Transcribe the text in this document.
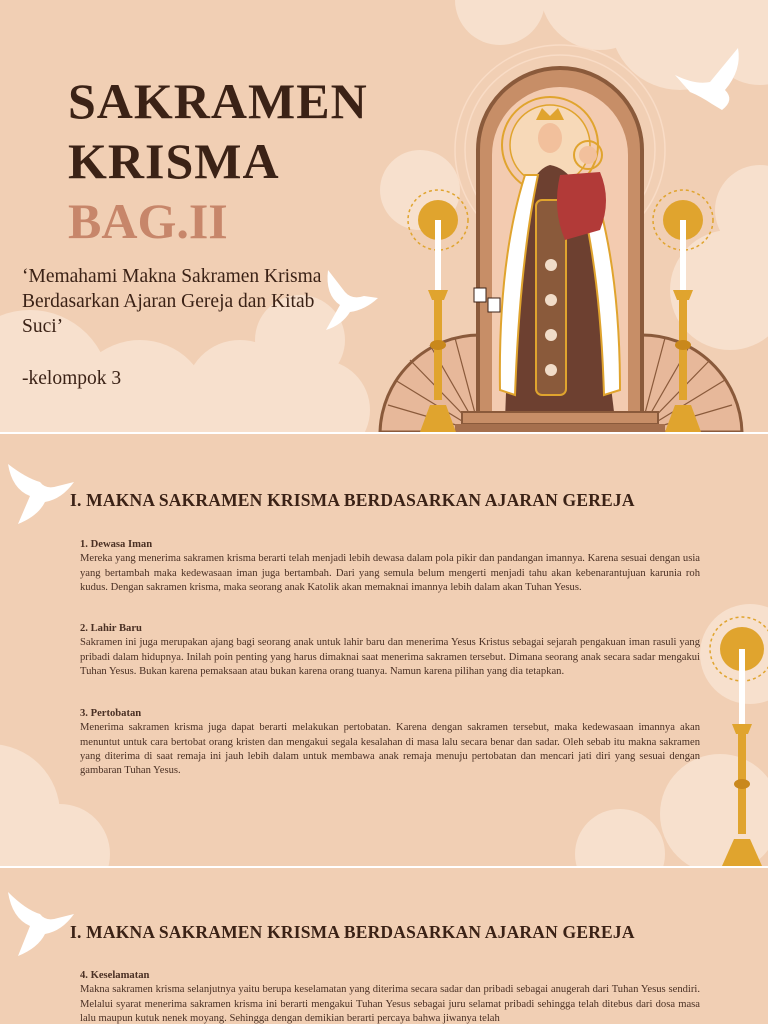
SAKRAMEN
KRISMA
BAG.II
‘Memahami Makna Sakramen Krisma Berdasarkan Ajaran Gereja dan Kitab Suci’
-kelompok 3
I. MAKNA SAKRAMEN KRISMA BERDASARKAN AJARAN GEREJA
1. Dewasa Iman
Mereka yang menerima sakramen krisma berarti telah menjadi lebih dewasa dalam pola pikir dan pandangan imannya. Karena sesuai dengan usia yang bertambah maka kedewasaan iman juga bertambah. Dari yang semula belum mengerti menjadi tahu akan kebenarantujuan karunia roh kudus. Dengan sakramen krisma, maka seorang anak Katolik akan memaknai imannya lebih dalam akan Tuhan Yesus.
2. Lahir Baru
Sakramen ini juga merupakan ajang bagi seorang anak untuk lahir baru dan menerima Yesus Kristus sebagai sejarah pengakuan iman rasuli yang pribadi dalam hidupnya. Inilah poin penting yang harus dimaknai saat menerima sakramen tersebut. Dimana seorang anak secara sadar mengakui Tuhan Yesus. Bukan karena pemaksaan atau bukan karena orang tuanya. Namun karena pilihan yang dia tetapkan.
3. Pertobatan
Menerima sakramen krisma juga dapat berarti melakukan pertobatan. Karena dengan sakramen tersebut, maka kedewasaan imannya akan menuntut untuk cara bertobat orang kristen dan mengakui segala kesalahan di masa lalu secara benar dan sadar. Oleh sebab itu makna sakramen yang diterima di saat remaja ini jauh lebih dalam untuk membawa anak remaja menuju pertobatan dan mencari jati diri yang sesuai dengan gambaran Tuhan Yesus.
I. MAKNA SAKRAMEN KRISMA BERDASARKAN AJARAN GEREJA
4. Keselamatan
Makna sakramen krisma selanjutnya yaitu berupa keselamatan yang diterima secara sadar dan pribadi sebagai anugerah dari Tuhan Yesus sendiri. Melalui syarat menerima sakramen krisma ini berarti mengakui Tuhan Yesus sebagai juru selamat pribadi sehingga telah ditebus dari dosa masa lalu maupun kutuk nenek moyang. Sehingga dengan demikian berarti percaya bahwa jiwanya telah
